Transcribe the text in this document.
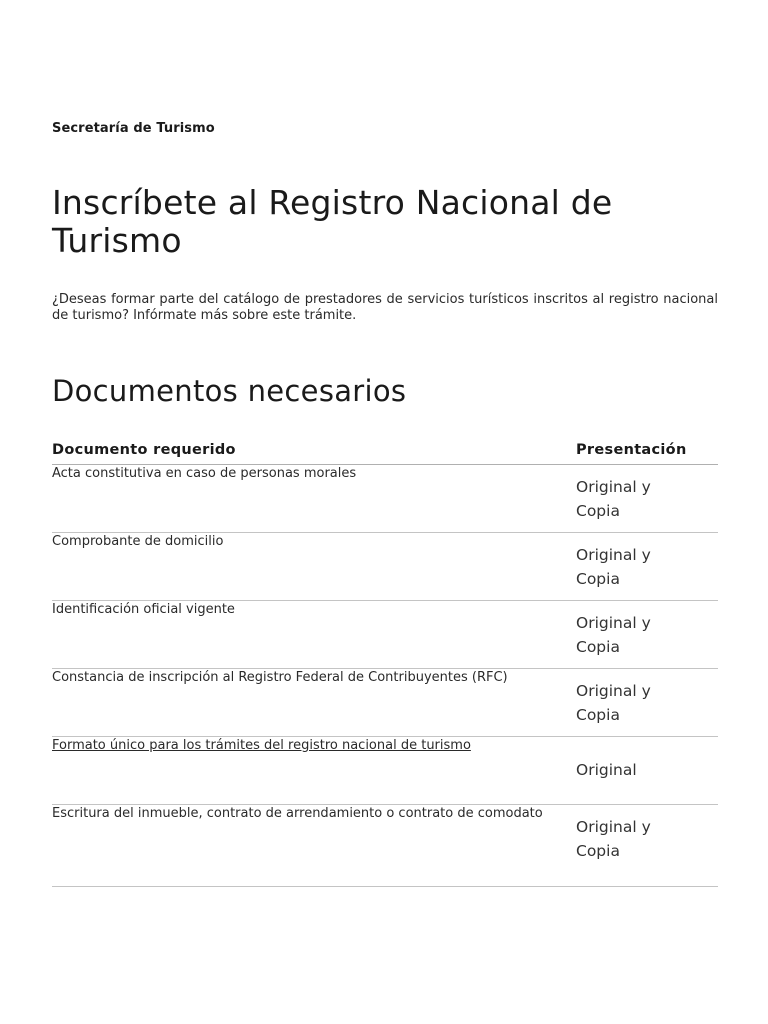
Secretaría de Turismo

Inscríbete al Registro Nacional de Turismo

¿Deseas formar parte del catálogo de prestadores de servicios turísticos inscritos al registro nacional de turismo? Infórmate más sobre este trámite.

Documentos necesarios
Documento requerido	Presentación
Acta constitutiva en caso de personas morales	Original y
Copia

Comprobante de domicilio	Original y
Copia

Identificación oficial vigente	Original y
Copia

Constancia de inscripción al Registro Federal de Contribuyentes (RFC)	Original y
Copia

Formato único para los trámites del registro nacional de turismo	Original

Escritura del inmueble, contrato de arrendamiento o contrato de comodato	Original y
Copia
